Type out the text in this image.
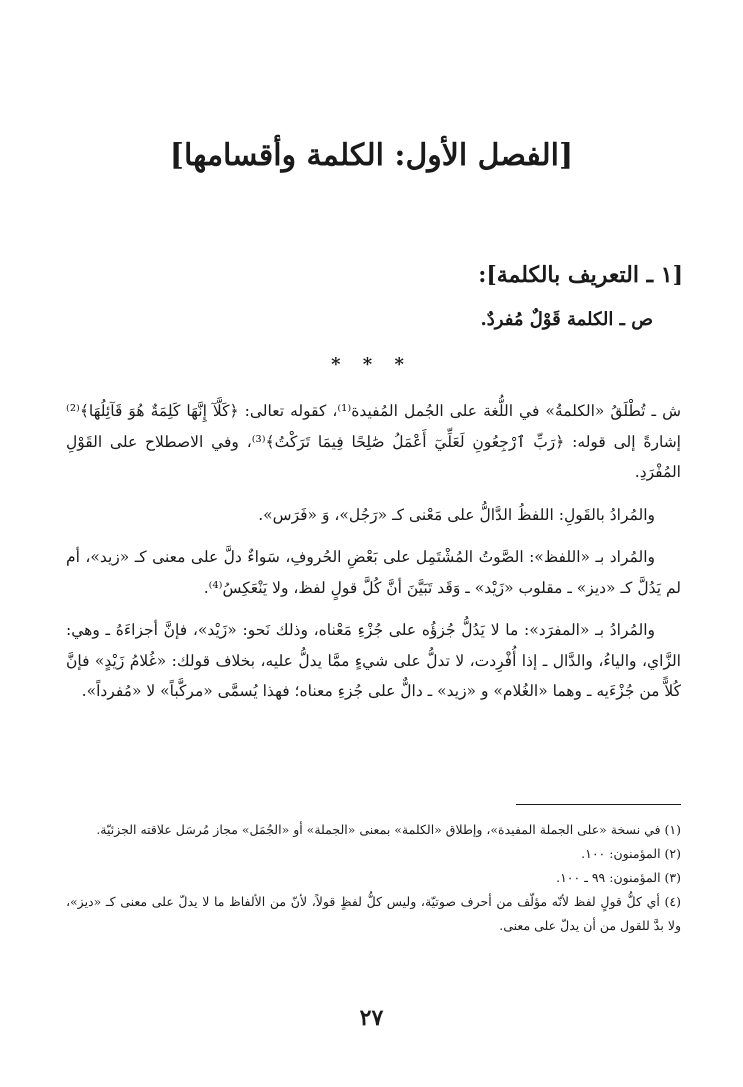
[الفصل الأول: الكلمة وأقسامها]
[١ ـ التعريف بالكلمة]:
ص ـ الكلمة قَوْلٌ مُفردٌ.
* * *

ش ـ تُطْلَقُ «الكلمةُ» في اللُّغة على الجُمل المُفيدة⁽¹⁾، كقوله تعالى: ﴿كَلَّآ إِنَّهَا كَلِمَةٌ هُوَ قَآئِلُهَا﴾⁽²⁾ إشارةً إلى قوله: ﴿رَبِّ ٱرْجِعُونِ لَعَلِّيٓ أَعْمَلُ صَٰلِحًا فِيمَا تَرَكْتُ﴾⁽³⁾، وفي الاصطلاح على القَوْلِ المُفْرَدِ.

والمُرادُ بالقَولِ: اللفظُ الدَّالُّ على مَعْنى كـ «رَجُل»، وَ «فَرَس».

والمُراد بـ «اللفظ»: الصَّوتُ المُشْتَمِل على بَعْضِ الحُروفِ، سَواءٌ دلَّ على معنى كـ «زيد»، أم لم يَدُلَّ كـ «ديز» ـ مقلوب «زَيْد» ـ وَقَد تَبَيَّنَ أنَّ كُلَّ قولٍ لفظ، ولا يَنْعَكِسُ⁽⁴⁾.

والمُرادُ بـ «المفرَد»: ما لا يَدُلُّ جُزؤُه على جُزْءِ مَعْناه، وذلك نَحو: «زَيْد»، فإنَّ أجزاءَهُ ـ وهي: الزَّاي، والياءُ، والدَّال ـ إذا أُفْرِدت، لا تدلُّ على شيءٍ ممَّا يدلُّ عليه، بخلاف قولك: «غُلامُ زَيْدٍ» فإنَّ كُلاًّ من جُزْءَيه ـ وهما «الغُلام» و «زيد» ـ دالٌّ على جُزءِ معناه؛ فهذا يُسمَّى «مركَّباً» لا «مُفرداً».

(١) في نسخة «على الجملة المفيدة»، وإطلاق «الكلمة» بمعنى «الجملة» أو «الجُمَل» مجاز مُرسَل علاقته الجزئيّة.

(٢) المؤمنون: ١٠٠.

(٣) المؤمنون: ٩٩ ـ ١٠٠.

(٤) أي كلُّ قولٍ لفظ لأنّه مؤلّف من أحرف صوتيّة، وليس كلُّ لفظٍ قولاً، لأنّ من الألفاظ ما لا يدلّ على معنى كـ «ديز»، ولا بدَّ للقول من أن يدلّ على معنى.

٢٧
